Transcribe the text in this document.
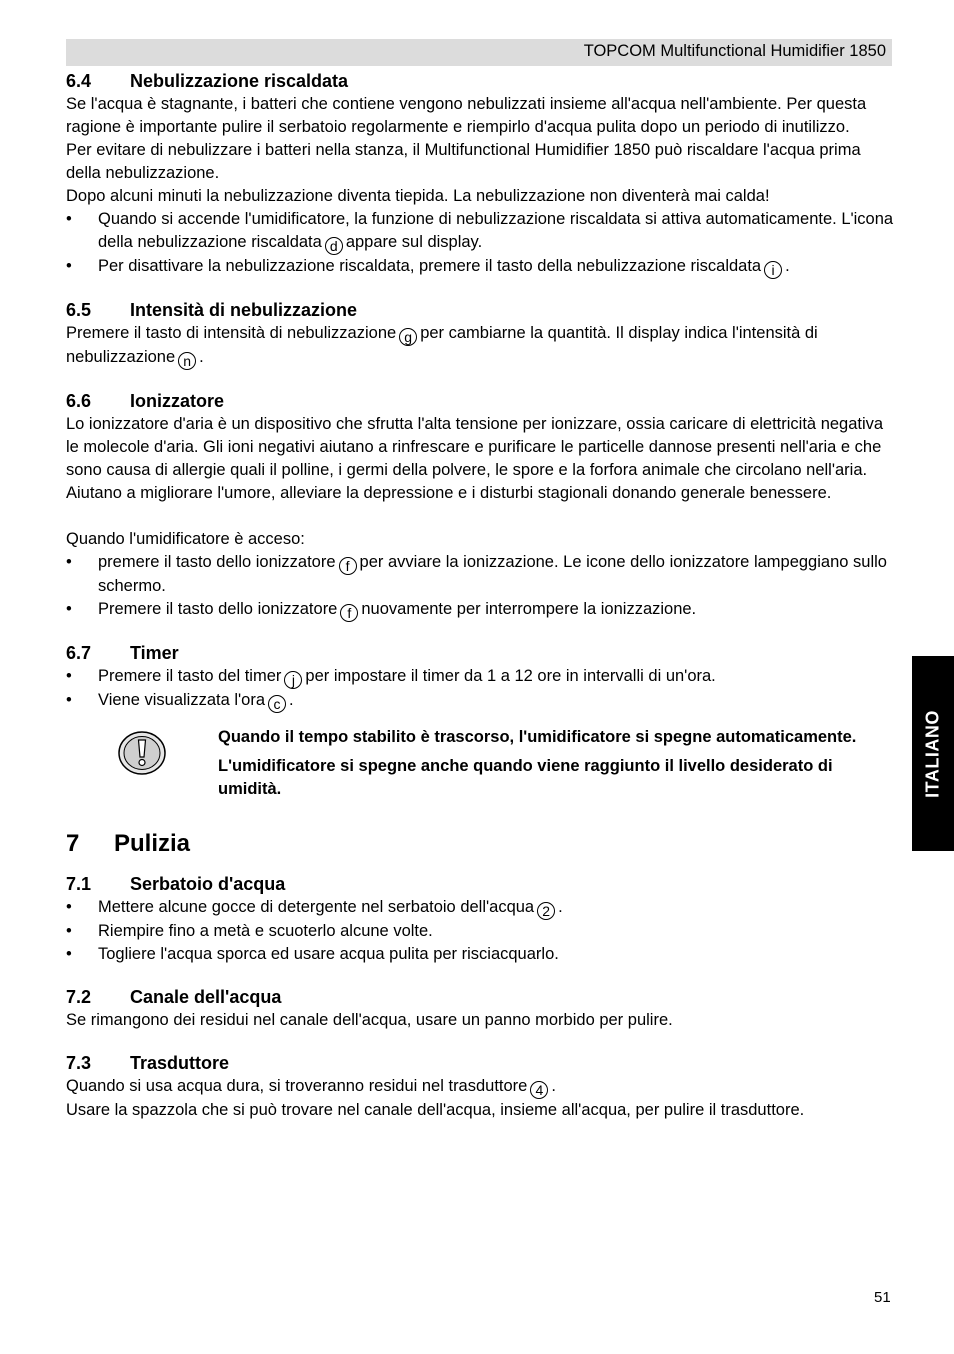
TOPCOM Multifunctional Humidifier 1850
6.4	Nebulizzazione riscaldata

Se l'acqua è stagnante, i batteri che contiene vengono nebulizzati insieme all'acqua nell'ambiente. Per questa ragione è importante pulire il serbatoio regolarmente e riempirlo d'acqua pulita dopo un periodo di inutilizzo.

Per evitare di nebulizzare i batteri nella stanza, il Multifunctional Humidifier 1850 può riscaldare l'acqua prima della nebulizzazione.

Dopo alcuni minuti la nebulizzazione diventa tiepida. La nebulizzazione non diventerà mai calda!

• Quando si accende l'umidificatore, la funzione di nebulizzazione riscaldata si attiva automaticamente. L'icona della nebulizzazione riscaldata d appare sul display.
• Per disattivare la nebulizzazione riscaldata, premere il tasto della nebulizzazione riscaldata i .
6.5	Intensità di nebulizzazione

Premere il tasto di intensità di nebulizzazione g per cambiarne la quantità. Il display indica l'intensità di nebulizzazione n .

6.6	Ionizzatore

Lo ionizzatore d'aria è un dispositivo che sfrutta l'alta tensione per ionizzare, ossia caricare di elettricità negativa le molecole d'aria. Gli ioni negativi aiutano a rinfrescare e purificare le particelle dannose presenti nell'aria e che sono causa di allergie quali il polline, i germi della polvere, le spore e la forfora animale che circolano nell'aria. Aiutano a migliorare l'umore, alleviare la depressione e i disturbi stagionali donando generale benessere.

Quando l'umidificatore è acceso:

• premere il tasto dello ionizzatore f per avviare la ionizzazione. Le icone dello ionizzatore lampeggiano sullo schermo.
• Premere il tasto dello ionizzatore f nuovamente per interrompere la ionizzazione.
6.7	Timer
• Premere il tasto del timer j per impostare il timer da 1 a 12 ore in intervalli di un'ora.
• Viene visualizzata l'ora c .

Quando il tempo stabilito è trascorso, l'umidificatore si spegne automaticamente.

L'umidificatore si spegne anche quando viene raggiunto il livello desiderato di umidità.

7	Pulizia
7.1	Serbatoio d'acqua
• Mettere alcune gocce di detergente nel serbatoio dell'acqua 2 .
• Riempire fino a metà e scuoterlo alcune volte.
• Togliere l'acqua sporca ed usare acqua pulita per risciacquarlo.
7.2	Canale dell'acqua

Se rimangono dei residui nel canale dell'acqua, usare un panno morbido per pulire.

7.3	Trasduttore

Quando si usa acqua dura, si troveranno residui nel trasduttore 4 .

Usare la spazzola che si può trovare nel canale dell'acqua, insieme all'acqua, per pulire il trasduttore.

ITALIANO
51
